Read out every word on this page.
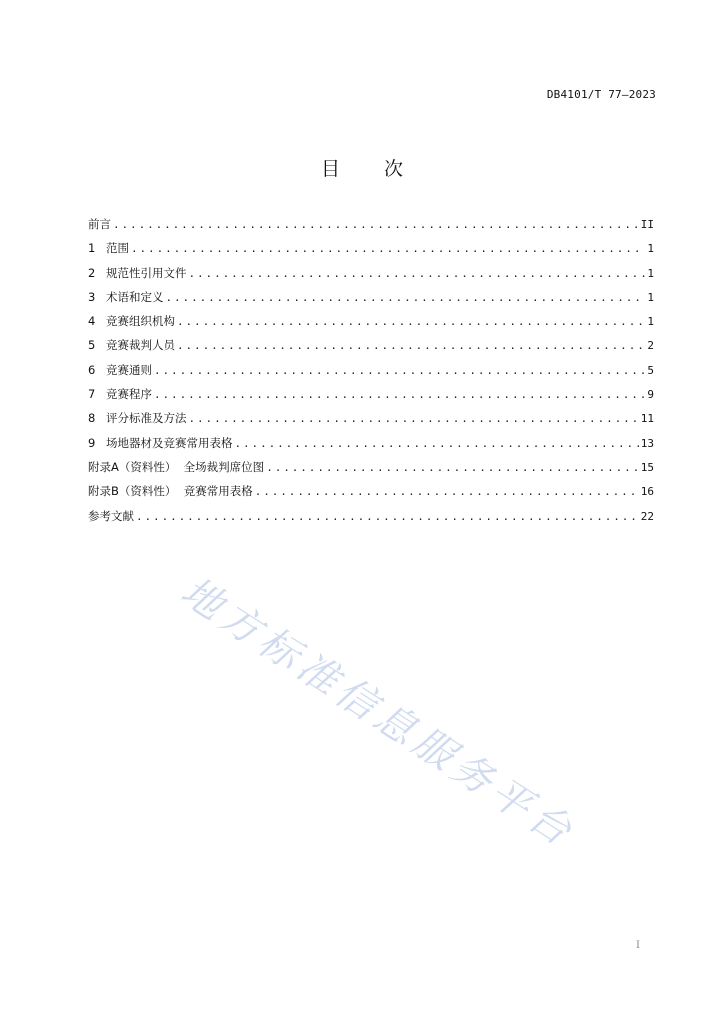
DB4101/T 77—2023
目 次
前言 .....	II
1 范围 .....	1
2 规范性引用文件 .....	1
3 术语和定义 .....	1
4 竞赛组织机构 .....	1
5 竞赛裁判人员 .....	2
6 竞赛通则 .....	5
7 竞赛程序 .....	9
8 评分标准及方法 .....	11
9 场地器材及竞赛常用表格 .....	13
附录A（资料性）  全场裁判席位图 .....	15
附录B（资料性）  竞赛常用表格 .....	16
参考文献 .....	22
地方标准信息服务平台
I
